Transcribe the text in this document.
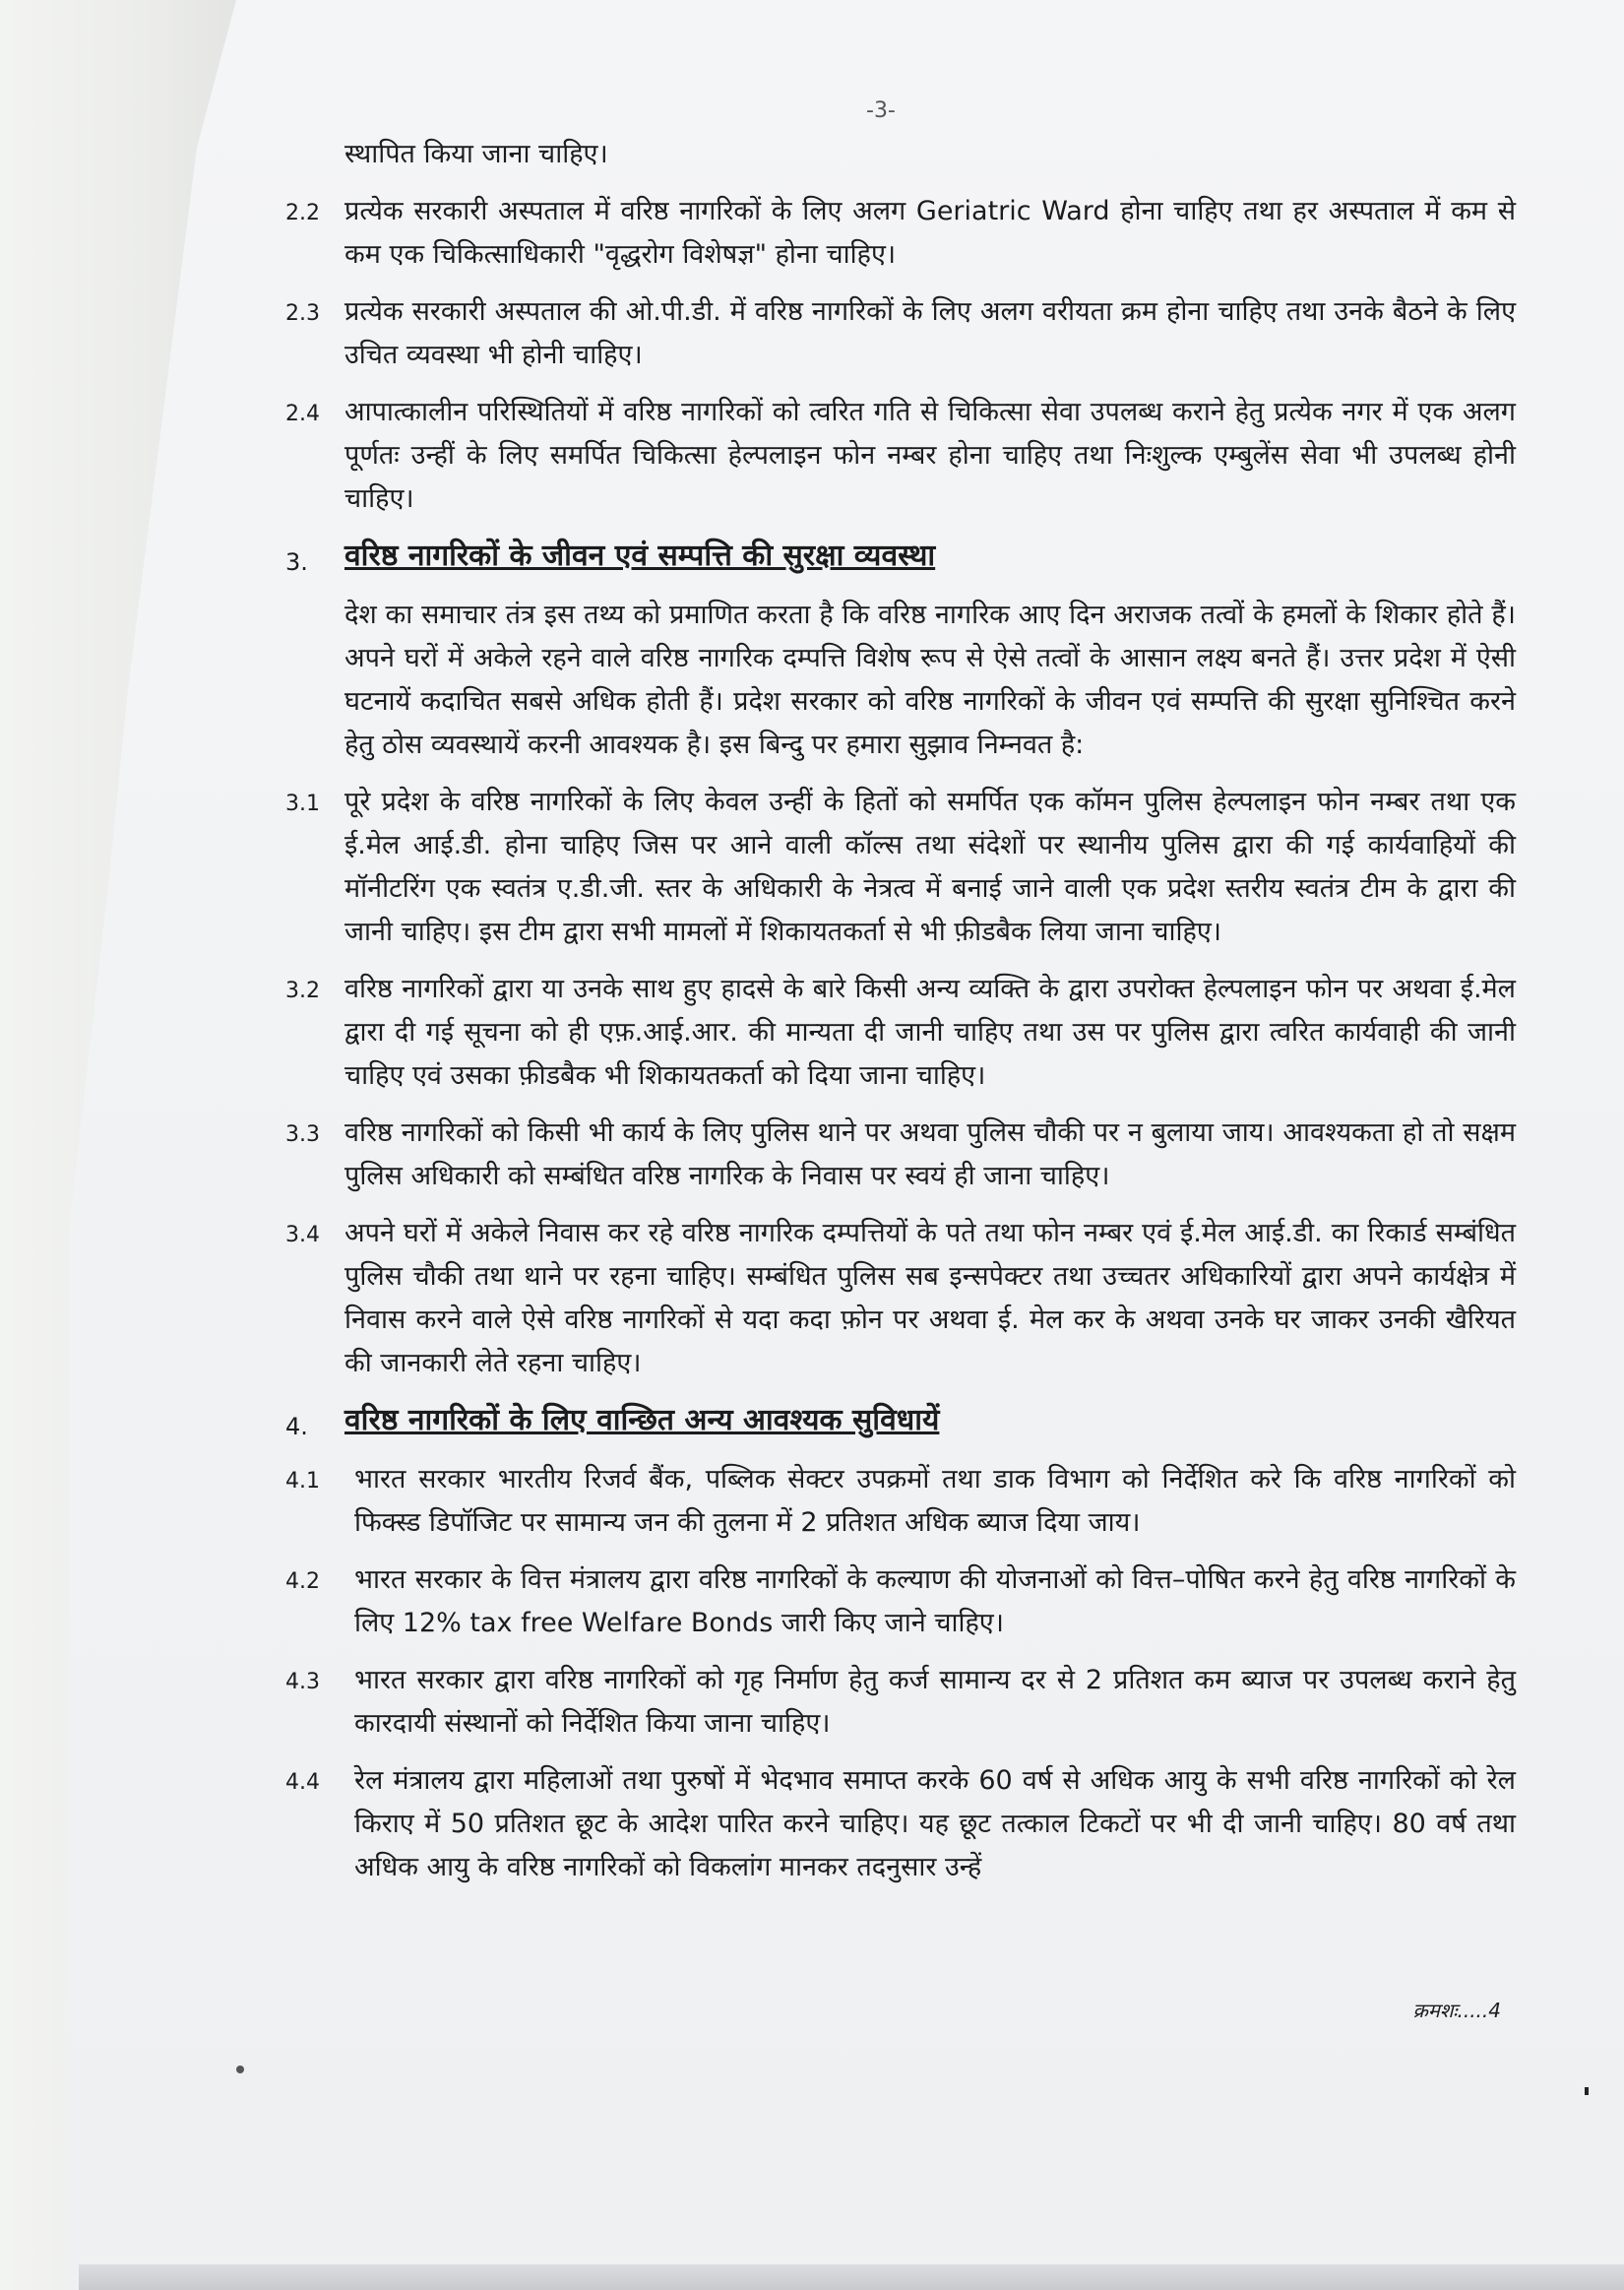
-3-

स्थापित किया जाना चाहिए।

2.2 प्रत्येक सरकारी अस्पताल में वरिष्ठ नागरिकों के लिए अलग Geriatric Ward होना चाहिए तथा हर अस्पताल में कम से कम एक चिकित्साधिकारी "वृद्धरोग विशेषज्ञ" होना चाहिए।
2.3 प्रत्येक सरकारी अस्पताल की ओ.पी.डी. में वरिष्ठ नागरिकों के लिए अलग वरीयता क्रम होना चाहिए तथा उनके बैठने के लिए उचित व्यवस्था भी होनी चाहिए।
2.4 आपात्कालीन परिस्थितियों में वरिष्ठ नागरिकों को त्वरित गति से चिकित्सा सेवा उपलब्ध कराने हेतु प्रत्येक नगर में एक अलग पूर्णतः उन्हीं के लिए समर्पित चिकित्सा हेल्पलाइन फोन नम्बर होना चाहिए तथा निःशुल्क एम्बुलेंस सेवा भी उपलब्ध होनी चाहिए।
3.	वरिष्ठ नागरिकों के जीवन एवं सम्पत्ति की सुरक्षा व्यवस्था

देश का समाचार तंत्र इस तथ्य को प्रमाणित करता है कि वरिष्ठ नागरिक आए दिन अराजक तत्वों के हमलों के शिकार होते हैं। अपने घरों में अकेले रहने वाले वरिष्ठ नागरिक दम्पत्ति विशेष रूप से ऐसे तत्वों के आसान लक्ष्य बनते हैं। उत्तर प्रदेश में ऐसी घटनायें कदाचित सबसे अधिक होती हैं। प्रदेश सरकार को वरिष्ठ नागरिकों के जीवन एवं सम्पत्ति की सुरक्षा सुनिश्चित करने हेतु ठोस व्यवस्थायें करनी आवश्यक है। इस बिन्दु पर हमारा सुझाव निम्नवत है:

3.1 पूरे प्रदेश के वरिष्ठ नागरिकों के लिए केवल उन्हीं के हितों को समर्पित एक कॉमन पुलिस हेल्पलाइन फोन नम्बर तथा एक ई.मेल आई.डी. होना चाहिए जिस पर आने वाली कॉल्स तथा संदेशों पर स्थानीय पुलिस द्वारा की गई कार्यवाहियों की मॉनीटरिंग एक स्वतंत्र ए.डी.जी. स्तर के अधिकारी के नेत्रत्व में बनाई जाने वाली एक प्रदेश स्तरीय स्वतंत्र टीम के द्वारा की जानी चाहिए। इस टीम द्वारा सभी मामलों में शिकायतकर्ता से भी फ़ीडबैक लिया जाना चाहिए।
3.2 वरिष्ठ नागरिकों द्वारा या उनके साथ हुए हादसे के बारे किसी अन्य व्यक्ति के द्वारा उपरोक्त हेल्पलाइन फोन पर अथवा ई.मेल द्वारा दी गई सूचना को ही एफ़.आई.आर. की मान्यता दी जानी चाहिए तथा उस पर पुलिस द्वारा त्वरित कार्यवाही की जानी चाहिए एवं उसका फ़ीडबैक भी शिकायतकर्ता को दिया जाना चाहिए।
3.3 वरिष्ठ नागरिकों को किसी भी कार्य के लिए पुलिस थाने पर अथवा पुलिस चौकी पर न बुलाया जाय। आवश्यकता हो तो सक्षम पुलिस अधिकारी को सम्बंधित वरिष्ठ नागरिक के निवास पर स्वयं ही जाना चाहिए।
3.4 अपने घरों में अकेले निवास कर रहे वरिष्ठ नागरिक दम्पत्तियों के पते तथा फोन नम्बर एवं ई.मेल आई.डी. का रिकार्ड सम्बंधित पुलिस चौकी तथा थाने पर रहना चाहिए। सम्बंधित पुलिस सब इन्सपेक्टर तथा उच्चतर अधिकारियों द्वारा अपने कार्यक्षेत्र में निवास करने वाले ऐसे वरिष्ठ नागरिकों से यदा कदा फ़ोन पर अथवा ई. मेल कर के अथवा उनके घर जाकर उनकी खैरियत की जानकारी लेते रहना चाहिए।
4.	वरिष्ठ नागरिकों के लिए वान्छित अन्य आवश्यक सुविधायें
4.1	भारत सरकार भारतीय रिजर्व बैंक, पब्लिक सेक्टर उपक्रमों तथा डाक विभाग को निर्देशित करे कि वरिष्ठ नागरिकों को फिक्स्ड डिपॉजिट पर सामान्य जन की तुलना में 2 प्रतिशत अधिक ब्याज दिया जाय।
4.2	भारत सरकार के वित्त मंत्रालय द्वारा वरिष्ठ नागरिकों के कल्याण की योजनाओं को वित्त–पोषित करने हेतु वरिष्ठ नागरिकों के लिए 12% tax free Welfare Bonds जारी किए जाने चाहिए।
4.3	भारत सरकार द्वारा वरिष्ठ नागरिकों को गृह निर्माण हेतु कर्ज सामान्य दर से 2 प्रतिशत कम ब्याज पर उपलब्ध कराने हेतु कारदायी संस्थानों को निर्देशित किया जाना चाहिए।
4.4	रेल मंत्रालय द्वारा महिलाओं तथा पुरुषों में भेदभाव समाप्त करके 60 वर्ष से अधिक आयु के सभी वरिष्ठ नागरिकों को रेल किराए में 50 प्रतिशत छूट के आदेश पारित करने चाहिए। यह छूट तत्काल टिकटों पर भी दी जानी चाहिए। 80 वर्ष तथा अधिक आयु के वरिष्ठ नागरिकों को विकलांग मानकर तदनुसार उन्हें
क्रमशः.....4
